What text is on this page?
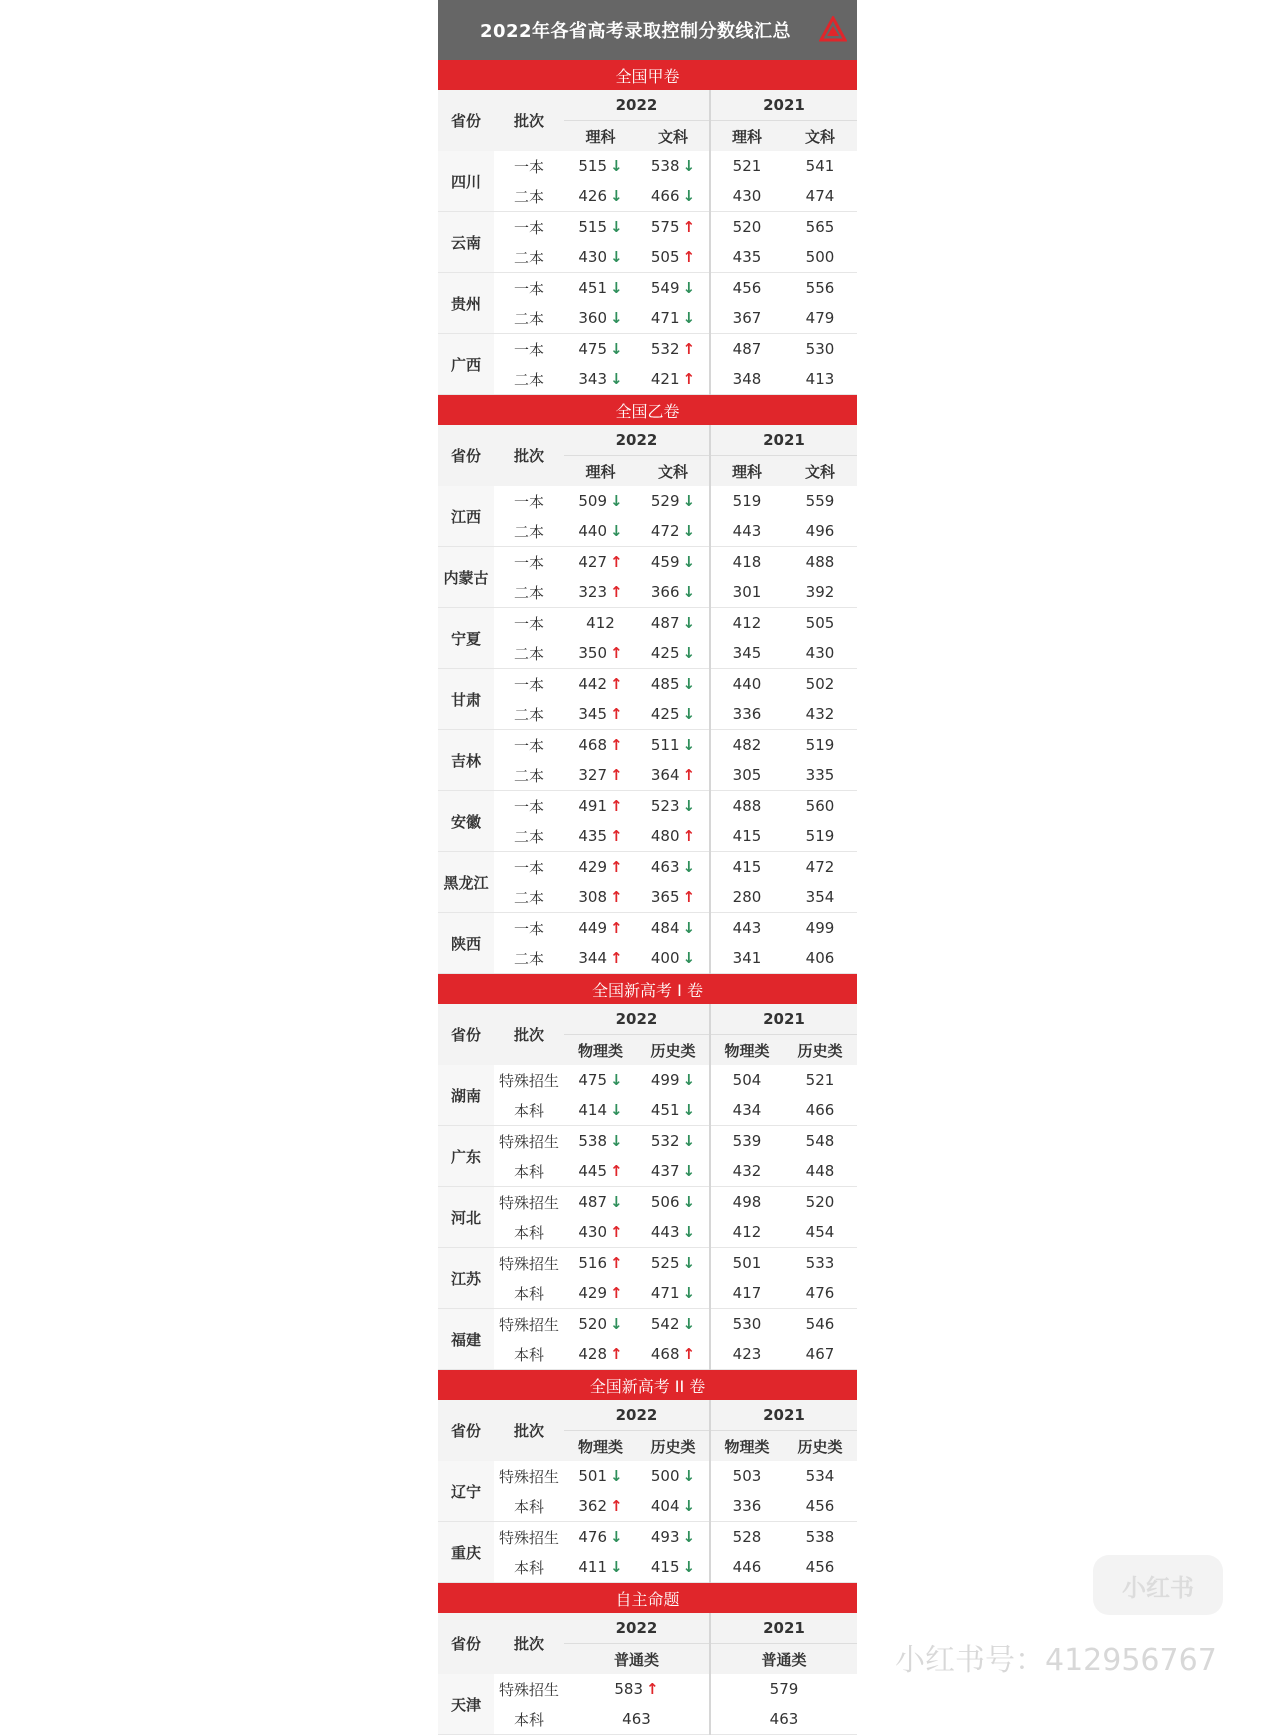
2022年各省高考录取控制分数线汇总
全国甲卷
省份	批次	2022		2021	
		理科	文科	理科	文科
四川	一本	515 ↓	538 ↓	521	541
	二本	426 ↓	466 ↓	430	474
云南	一本	515 ↓	575 ↑	520	565
	二本	430 ↓	505 ↑	435	500
贵州	一本	451 ↓	549 ↓	456	556
	二本	360 ↓	471 ↓	367	479
广西	一本	475 ↓	532 ↑	487	530
	二本	343 ↓	421 ↑	348	413
全国乙卷
省份	批次	2022		2021	
		理科	文科	理科	文科
江西	一本	509 ↓	529 ↓	519	559
	二本	440 ↓	472 ↓	443	496
内蒙古	一本	427 ↑	459 ↓	418	488
	二本	323 ↑	366 ↓	301	392
宁夏	一本	412	487 ↓	412	505
	二本	350 ↑	425 ↓	345	430
甘肃	一本	442 ↑	485 ↓	440	502
	二本	345 ↑	425 ↓	336	432
吉林	一本	468 ↑	511 ↓	482	519
	二本	327 ↑	364 ↑	305	335
安徽	一本	491 ↑	523 ↓	488	560
	二本	435 ↑	480 ↑	415	519
黑龙江	一本	429 ↑	463 ↓	415	472
	二本	308 ↑	365 ↑	280	354
陕西	一本	449 ↑	484 ↓	443	499
	二本	344 ↑	400 ↓	341	406
全国新高考 I 卷
省份	批次	2022		2021	
		物理类	历史类	物理类	历史类
湖南	特殊招生	475 ↓	499 ↓	504	521
	本科	414 ↓	451 ↓	434	466
广东	特殊招生	538 ↓	532 ↓	539	548
	本科	445 ↑	437 ↓	432	448
河北	特殊招生	487 ↓	506 ↓	498	520
	本科	430 ↑	443 ↓	412	454
江苏	特殊招生	516 ↑	525 ↓	501	533
	本科	429 ↑	471 ↓	417	476
福建	特殊招生	520 ↓	542 ↓	530	546
	本科	428 ↑	468 ↑	423	467
全国新高考 II 卷
省份	批次	2022		2021	
		物理类	历史类	物理类	历史类
辽宁	特殊招生	501 ↓	500 ↓	503	534
	本科	362 ↑	404 ↓	336	456
重庆	特殊招生	476 ↓	493 ↓	528	538
	本科	411 ↓	415 ↓	446	456
自主命题
省份	批次	2022	2021
		普通类	普通类
天津	特殊招生	583 ↑	579
	本科	463	463
小红书
小红书号：412956767
